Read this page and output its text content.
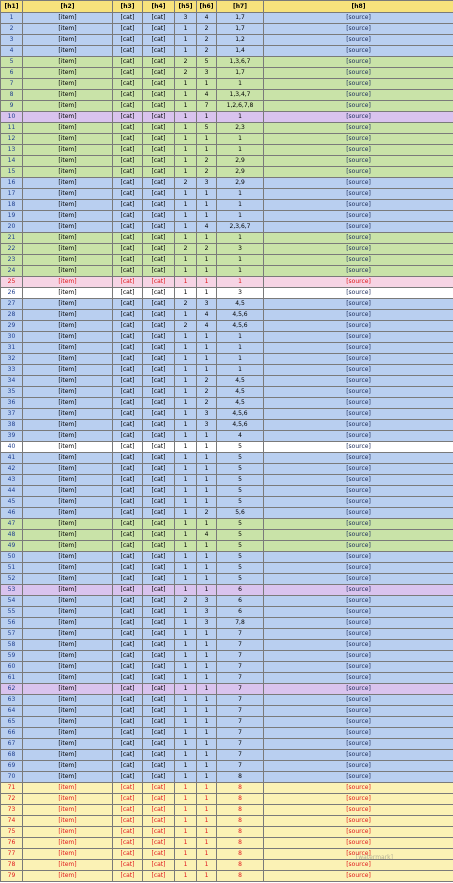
[h1]	[h2]	[h3]	[h4]	[h5]	[h6]	[h7]	[h8]
1	[item]	[cat]	[cat]	3	4	1,7	[source]
2	[item]	[cat]	[cat]	1	2	1,7	[source]
3	[item]	[cat]	[cat]	1	2	1,2	[source]
4	[item]	[cat]	[cat]	1	2	1,4	[source]
5	[item]	[cat]	[cat]	2	5	1,3,6,7	[source]
6	[item]	[cat]	[cat]	2	3	1,7	[source]
7	[item]	[cat]	[cat]	1	1	1	[source]
8	[item]	[cat]	[cat]	1	4	1,3,4,7	[source]
9	[item]	[cat]	[cat]	1	7	1,2,6,7,8	[source]
10	[item]	[cat]	[cat]	1	1	1	[source]
11	[item]	[cat]	[cat]	1	5	2,3	[source]
12	[item]	[cat]	[cat]	1	1	1	[source]
13	[item]	[cat]	[cat]	1	1	1	[source]
14	[item]	[cat]	[cat]	1	2	2,9	[source]
15	[item]	[cat]	[cat]	1	2	2,9	[source]
16	[item]	[cat]	[cat]	2	3	2,9	[source]
17	[item]	[cat]	[cat]	1	1	1	[source]
18	[item]	[cat]	[cat]	1	1	1	[source]
19	[item]	[cat]	[cat]	1	1	1	[source]
20	[item]	[cat]	[cat]	1	4	2,3,6,7	[source]
21	[item]	[cat]	[cat]	1	1	1	[source]
22	[item]	[cat]	[cat]	2	2	3	[source]
23	[item]	[cat]	[cat]	1	1	1	[source]
24	[item]	[cat]	[cat]	1	1	1	[source]
25	[item]	[cat]	[cat]	1	1	1	[source]
26	[item]	[cat]	[cat]	1	1	3	[source]
27	[item]	[cat]	[cat]	2	3	4,5	[source]
28	[item]	[cat]	[cat]	1	4	4,5,6	[source]
29	[item]	[cat]	[cat]	2	4	4,5,6	[source]
30	[item]	[cat]	[cat]	1	1	1	[source]
31	[item]	[cat]	[cat]	1	1	1	[source]
32	[item]	[cat]	[cat]	1	1	1	[source]
33	[item]	[cat]	[cat]	1	1	1	[source]
34	[item]	[cat]	[cat]	1	2	4,5	[source]
35	[item]	[cat]	[cat]	1	2	4,5	[source]
36	[item]	[cat]	[cat]	1	2	4,5	[source]
37	[item]	[cat]	[cat]	1	3	4,5,6	[source]
38	[item]	[cat]	[cat]	1	3	4,5,6	[source]
39	[item]	[cat]	[cat]	1	1	4	[source]
40	[item]	[cat]	[cat]	1	1	5	[source]
41	[item]	[cat]	[cat]	1	1	5	[source]
42	[item]	[cat]	[cat]	1	1	5	[source]
43	[item]	[cat]	[cat]	1	1	5	[source]
44	[item]	[cat]	[cat]	1	1	5	[source]
45	[item]	[cat]	[cat]	1	1	5	[source]
46	[item]	[cat]	[cat]	1	2	5,6	[source]
47	[item]	[cat]	[cat]	1	1	5	[source]
48	[item]	[cat]	[cat]	1	4	5	[source]
49	[item]	[cat]	[cat]	1	1	5	[source]
50	[item]	[cat]	[cat]	1	1	5	[source]
51	[item]	[cat]	[cat]	1	1	5	[source]
52	[item]	[cat]	[cat]	1	1	5	[source]
53	[item]	[cat]	[cat]	1	1	6	[source]
54	[item]	[cat]	[cat]	2	3	6	[source]
55	[item]	[cat]	[cat]	1	3	6	[source]
56	[item]	[cat]	[cat]	1	3	7,8	[source]
57	[item]	[cat]	[cat]	1	1	7	[source]
58	[item]	[cat]	[cat]	1	1	7	[source]
59	[item]	[cat]	[cat]	1	1	7	[source]
60	[item]	[cat]	[cat]	1	1	7	[source]
61	[item]	[cat]	[cat]	1	1	7	[source]
62	[item]	[cat]	[cat]	1	1	7	[source]
63	[item]	[cat]	[cat]	1	1	7	[source]
64	[item]	[cat]	[cat]	1	1	7	[source]
65	[item]	[cat]	[cat]	1	1	7	[source]
66	[item]	[cat]	[cat]	1	1	7	[source]
67	[item]	[cat]	[cat]	1	1	7	[source]
68	[item]	[cat]	[cat]	1	1	7	[source]
69	[item]	[cat]	[cat]	1	1	7	[source]
70	[item]	[cat]	[cat]	1	1	8	[source]
71	[item]	[cat]	[cat]	1	1	8	[source]
72	[item]	[cat]	[cat]	1	1	8	[source]
73	[item]	[cat]	[cat]	1	1	8	[source]
74	[item]	[cat]	[cat]	1	1	8	[source]
75	[item]	[cat]	[cat]	1	1	8	[source]
76	[item]	[cat]	[cat]	1	1	8	[source]
77	[item]	[cat]	[cat]	1	1	8	[source]
78	[item]	[cat]	[cat]	1	1	8	[source]
79	[item]	[cat]	[cat]	1	1	8	[source]
[watermark]
